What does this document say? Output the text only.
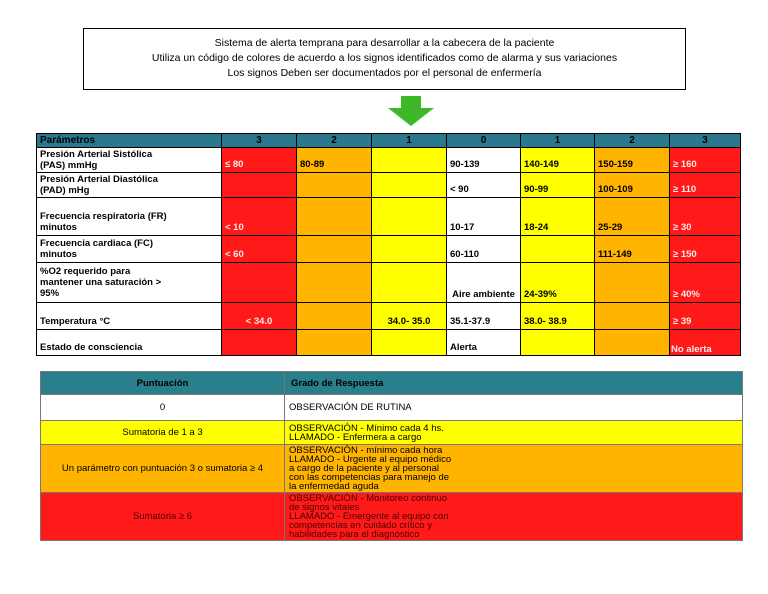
Sistema de alerta temprana para desarrollar a la cabecera de la paciente
Utiliza un código de colores de acuerdo a los signos identificados como de alarma y sus variaciones
Los signos Deben ser documentados por el personal de enfermería
Parámetros	3	2	1	0	1	2	3

Presión Arterial Sistólica
(PAS) mmHg	≤ 80	80-89		90-139	140-149	150-159	≥ 160

Presión Arterial Diastólica
(PAD) mHg				< 90	90-99	100-109	≥ 110

Frecuencia respiratoria (FR)
minutos	< 10			10-17	18-24	25-29	≥ 30

Frecuencia cardiaca (FC)
minutos	< 60			60-110		111-149	≥ 150

%O2 requerido para
mantener una saturación >
95%				Aire ambiente	24-39%		≥ 40%

Temperatura °C	< 34.0		34.0- 35.0	35.1-37.9	38.0- 38.9		≥ 39

Estado de consciencia				Alerta			No alerta
Puntuación	Grado de Respuesta
0	OBSERVACIÓN DE RUTINA

Sumatoria de 1 a 3	OBSERVACIÓN - Mínimo cada 4 hs.
LLAMADO - Enfermera a cargo

Un parámetro con puntuación 3 o sumatoria ≥ 4	OBSERVACIÓN - mínimo cada hora
LLAMADO - Urgente al equipo médico
a cargo de la paciente y al personal
con las competencias para manejo de
la enfermedad aguda

Sumatoria ≥ 6	OBSERVACIÓN - Monitoreo continuo
de signos vitales
LLAMADO - Emergente al equipo con
competencias en cuidado crítico y
habilidades para el diagnóstico
